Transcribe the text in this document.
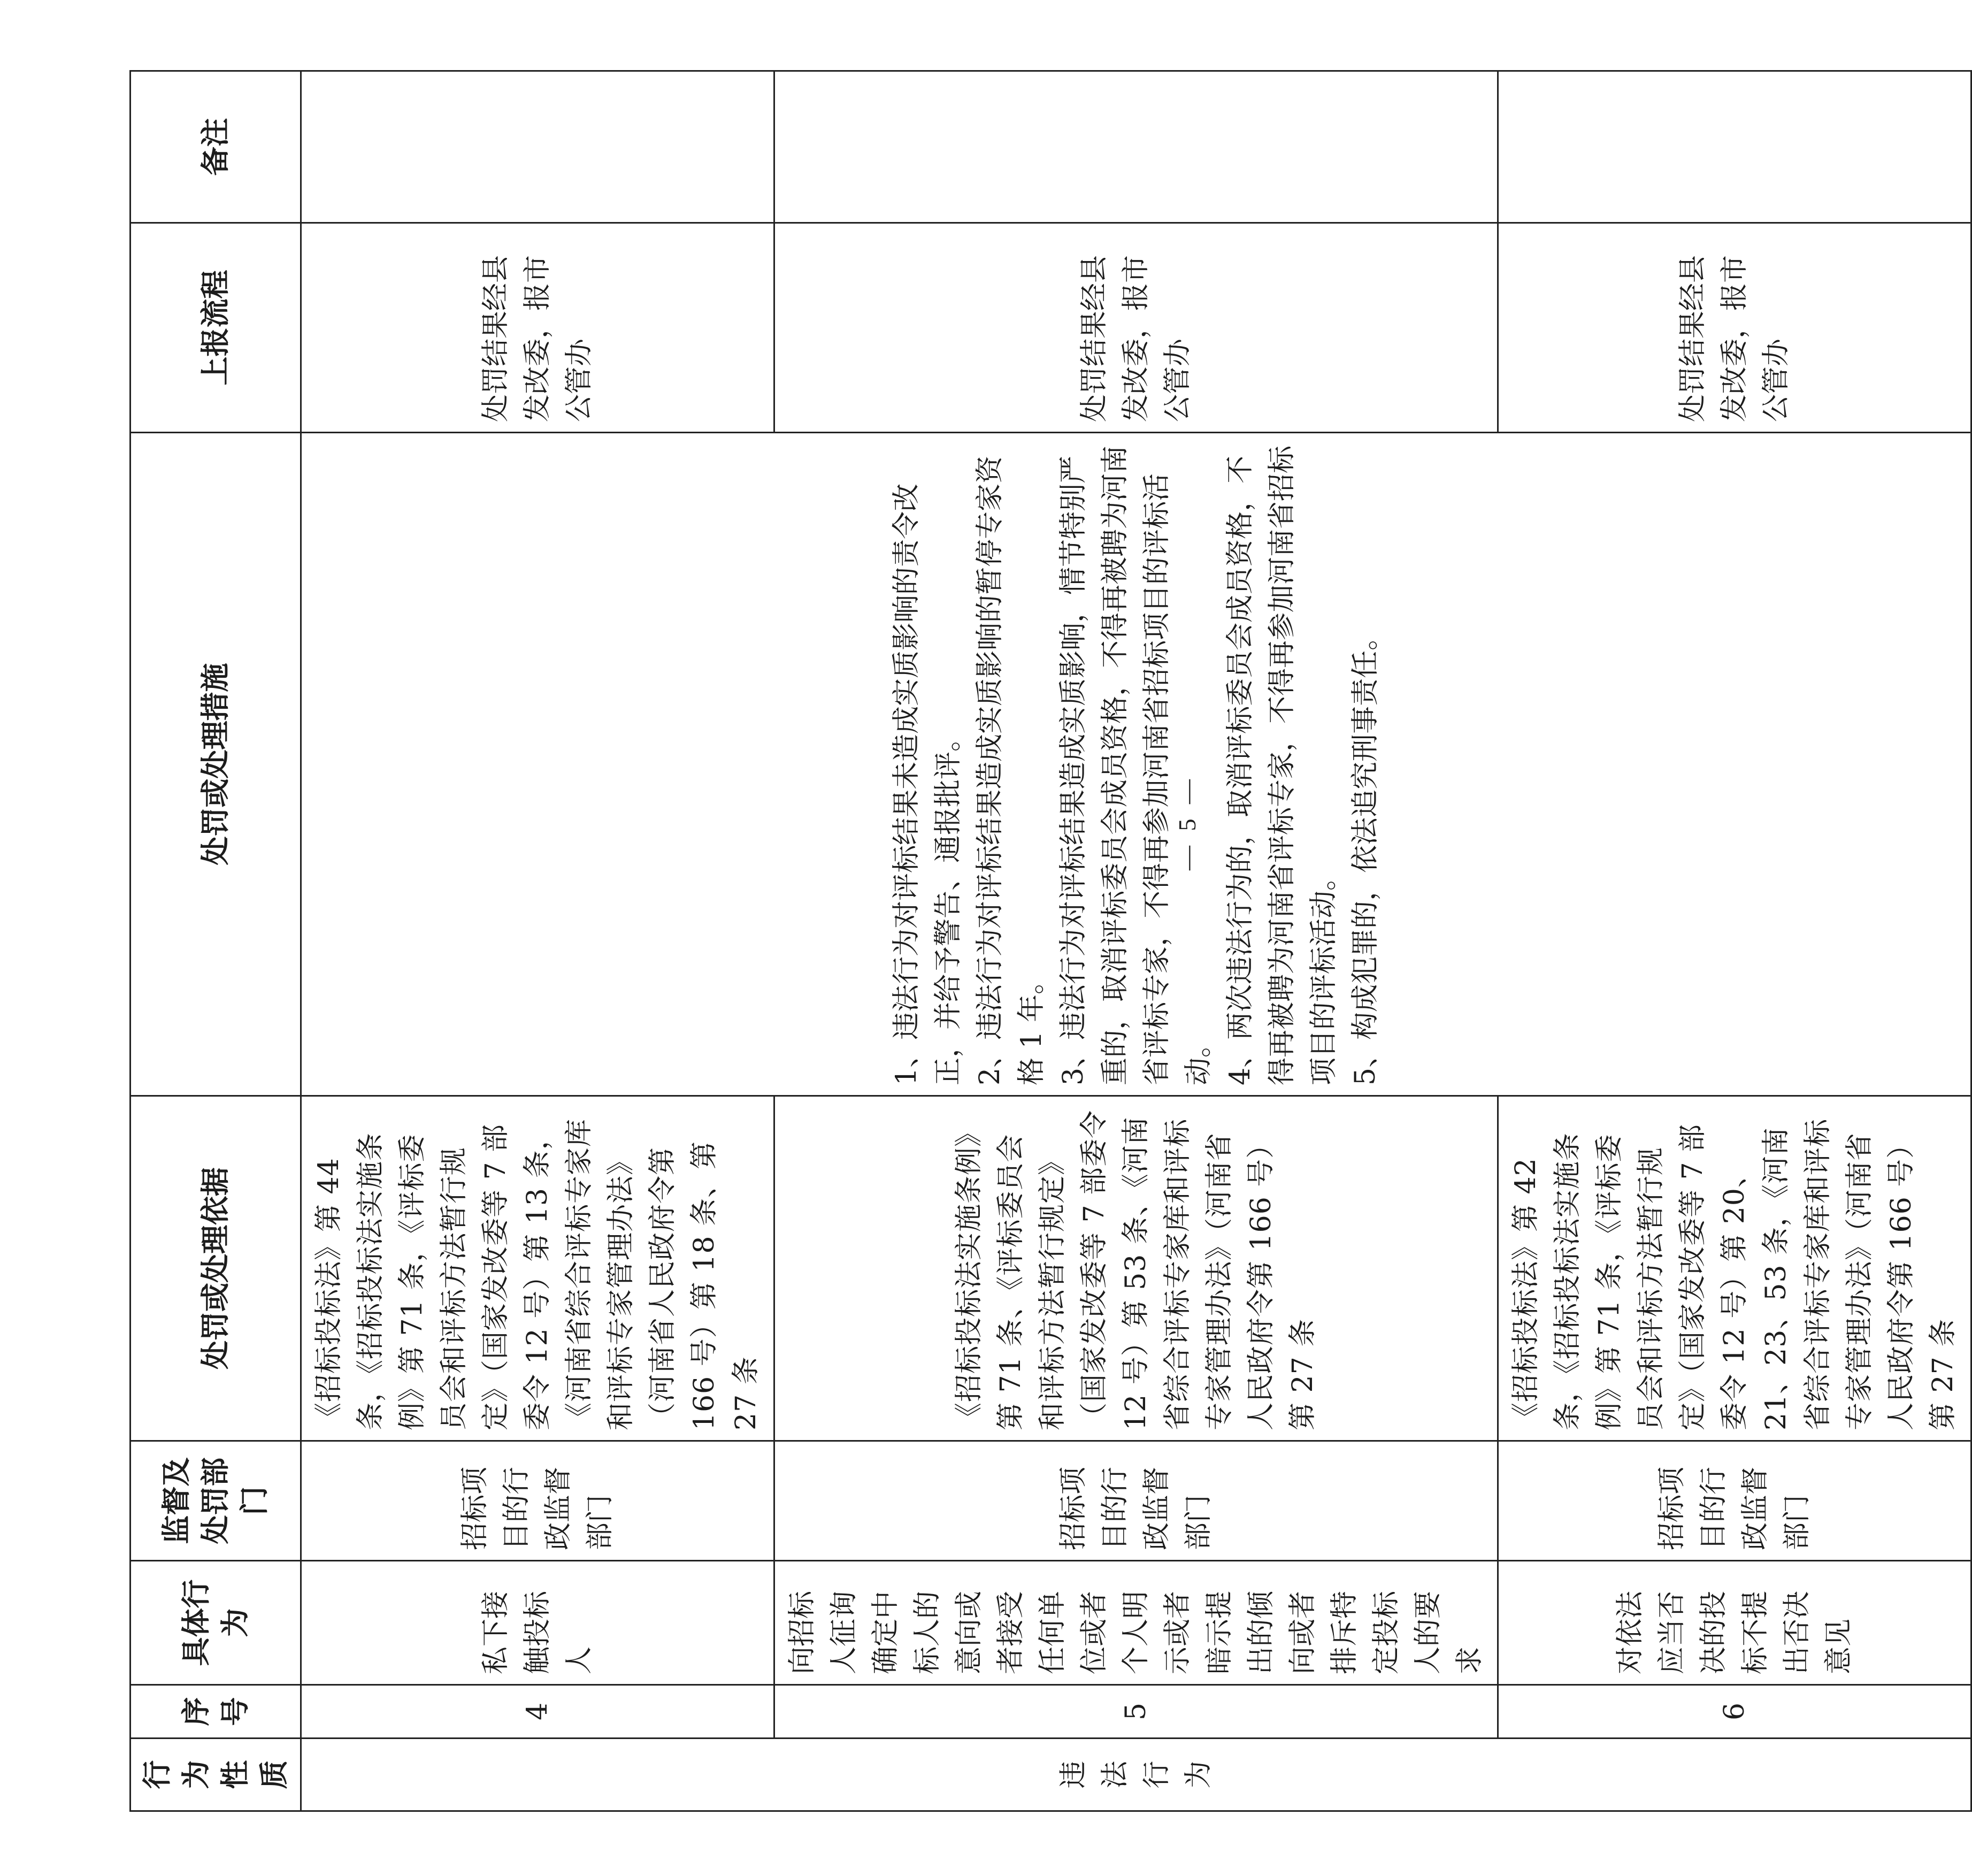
行为性质	序号	具体行为	监督及处罚部门	处罚或处理依据	处罚或处理措施	上报流程	备注
违法行为	4	私下接触投标人	招标项目的行政监督部门	《招标投标法》第 44 条，《招标投标法实施条例》第 71 条，《评标委员会和评标方法暂行规定》（国家发改委等 7 部委令 12 号）第 13 条，《河南省综合评标专家库和评标专家管理办法》（河南省人民政府令第 166 号）第 18 条、第 27 条	1、违法行为对评标结果未造成实质影响的责令改正，并给予警告、通报批评。 2、违法行为对评标结果造成实质影响的暂停专家资格 1 年。 3、违法行为对评标结果造成实质影响，情节特别严重的，取消评标委员会成员资格，不得再被聘为河南省评标专家，不得再参加河南省招标项目的评标活动。 4、两次违法行为的，取消评标委员会成员资格，不得再被聘为河南省评标专家，不得再参加河南省招标项目的评标活动。 5、构成犯罪的，依法追究刑事责任。	处罚结果经县发改委，报市公管办	
	5	向招标人征询确定中标人的意向或者接受任何单位或者个人明示或者暗示提出的倾向或者排斥特定投标人的要求	招标项目的行政监督部门	《招标投标法实施条例》第 71 条、《评标委员会和评标方法暂行规定》（国家发改委等 7 部委令 12 号）第 53 条、《河南省综合评标专家库和评标专家管理办法》（河南省人民政府令第 166 号）第 27 条		处罚结果经县发改委，报市公管办	
	6	对依法应当否决的投标不提出否决意见	招标项目的行政监督部门	《招标投标法》第 42 条，《招标投标法实施条例》第 71 条，《评标委员会和评标方法暂行规定》（国家发改委等 7 部委令 12 号）第 20、21、23、53 条，《河南省综合评标专家库和评标专家管理办法》（河南省人民政府令第 166 号）第 27 条		处罚结果经县发改委，报市公管办	
— 5 —
